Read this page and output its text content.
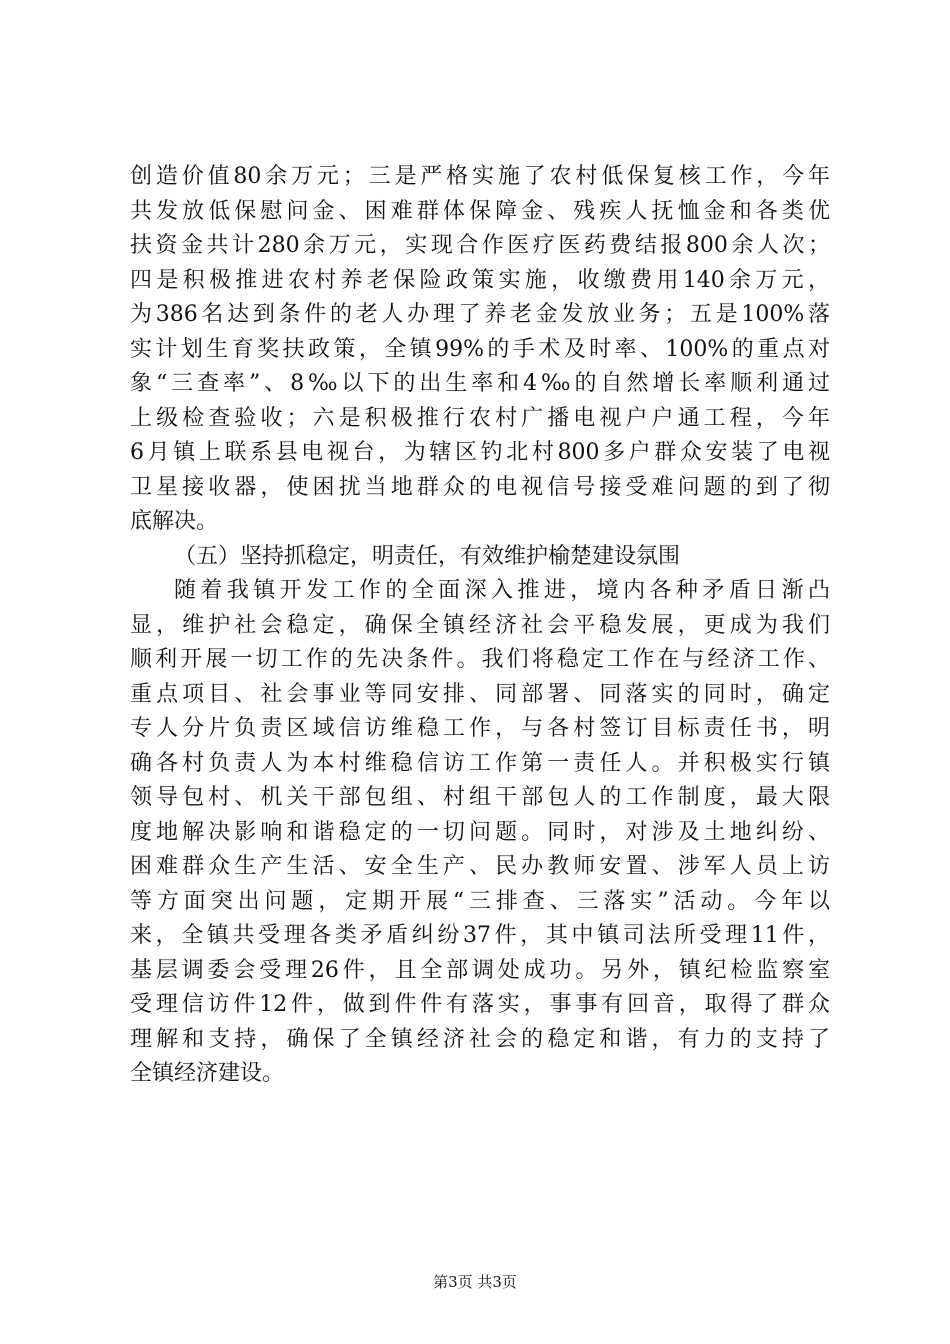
创造价值80余万元；三是严格实施了农村低保复核工作，今年
共发放低保慰问金、困难群体保障金、残疾人抚恤金和各类优
扶资金共计280余万元，实现合作医疗医药费结报800余人次；
四是积极推进农村养老保险政策实施，收缴费用140余万元，
为386名达到条件的老人办理了养老金发放业务；五是100%落
实计划生育奖扶政策，全镇99%的手术及时率、100%的重点对
象“三查率”、8‰以下的出生率和4‰的自然增长率顺利通过
上级检查验收；六是积极推行农村广播电视户户通工程，今年
6月镇上联系县电视台，为辖区钓北村800多户群众安装了电视
卫星接收器，使困扰当地群众的电视信号接受难问题的到了彻
底解决。
（五）坚持抓稳定，明责任，有效维护榆楚建设氛围
随着我镇开发工作的全面深入推进，境内各种矛盾日渐凸
显，维护社会稳定，确保全镇经济社会平稳发展，更成为我们
顺利开展一切工作的先决条件。我们将稳定工作在与经济工作、
重点项目、社会事业等同安排、同部署、同落实的同时，确定
专人分片负责区域信访维稳工作，与各村签订目标责任书，明
确各村负责人为本村维稳信访工作第一责任人。并积极实行镇
领导包村、机关干部包组、村组干部包人的工作制度，最大限
度地解决影响和谐稳定的一切问题。同时，对涉及土地纠纷、
困难群众生产生活、安全生产、民办教师安置、涉军人员上访
等方面突出问题，定期开展“三排查、三落实”活动。今年以
来，全镇共受理各类矛盾纠纷37件，其中镇司法所受理11件，
基层调委会受理26件，且全部调处成功。另外，镇纪检监察室
受理信访件12件，做到件件有落实，事事有回音，取得了群众
理解和支持，确保了全镇经济社会的稳定和谐，有力的支持了
全镇经济建设。
第3页 共3页
